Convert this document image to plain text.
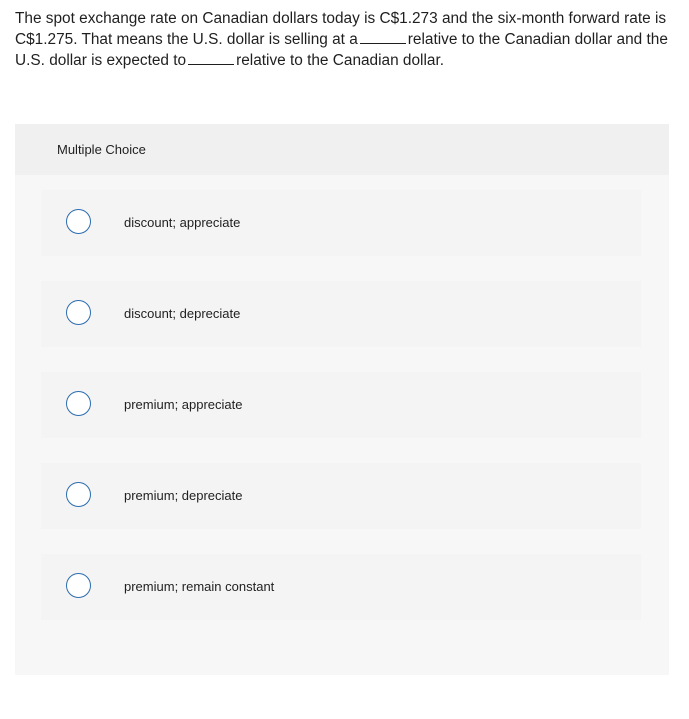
The spot exchange rate on Canadian dollars today is C$1.273 and the six-month forward rate is C$1.275. That means the U.S. dollar is selling at a	relative to the Canadian dollar and the U.S. dollar is expected to	relative to the Canadian dollar.
Multiple Choice
discount; appreciate
discount; depreciate
premium; appreciate
premium; depreciate
premium; remain constant
